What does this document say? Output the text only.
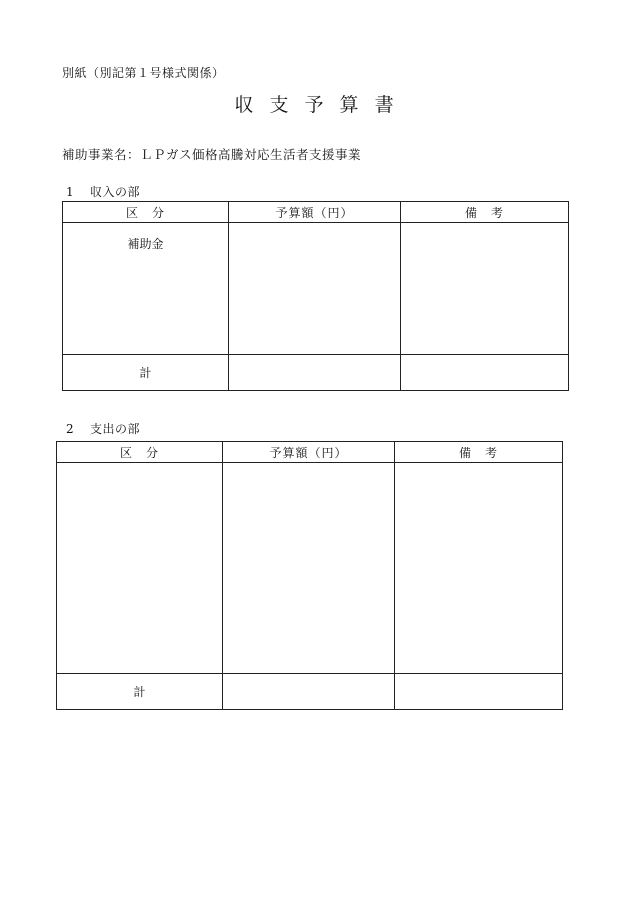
別紙（別記第１号様式関係）
収 支 予 算 書
補助事業名：ＬＰガス価格高騰対応生活者支援事業
1 収入の部
区　分	予算額（円）	備　考
補助金		
計		
2 支出の部
区　分	予算額（円）	備　考

計		
